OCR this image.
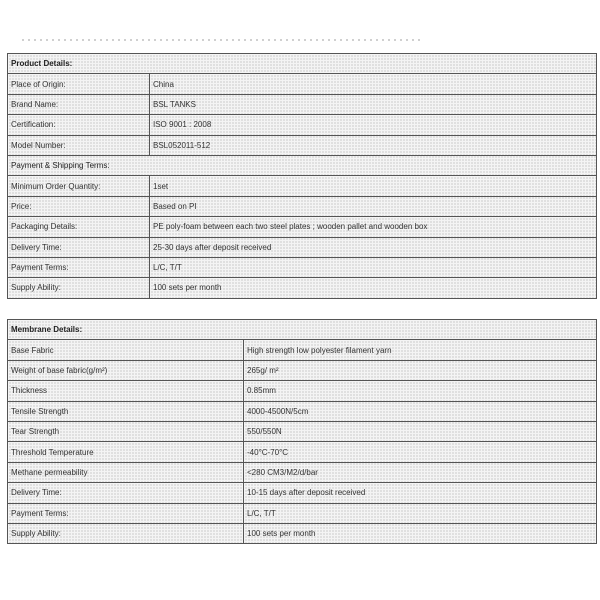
Product Details:	
Place of Origin:	China
Brand Name:	BSL TANKS
Certification:	ISO 9001 : 2008
Model Number:	BSL052011-512
Payment & Shipping Terms:	
Minimum Order Quantity:	1set
Price:	Based on PI
Packaging Details:	PE poly-foam between each two steel plates ; wooden pallet and wooden box
Delivery Time:	25-30 days after deposit received
Payment Terms:	L/C, T/T
Supply Ability:	100 sets per month
Membrane Details:	
Base Fabric	High strength low polyester filament yarn
Weight of base fabric(g/m²)	265g/ m²
Thickness	0.85mm
Tensile Strength	4000-4500N/5cm
Tear Strength	550/550N
Threshold Temperature	-40°C-70°C
Methane permeability	<280 CM3/M2/d/bar
Delivery Time:	10-15 days after deposit received
Payment Terms:	L/C, T/T
Supply Ability:	100 sets per month
